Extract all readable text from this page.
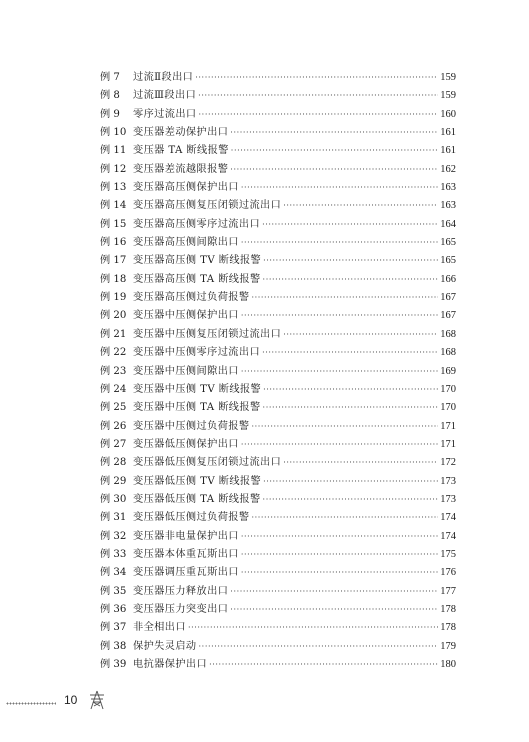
例 7	过流Ⅱ段出口 ·····	159
例 8	过流Ⅲ段出口 ·····	159
例 9	零序过流出口 ·····	160
例 10 变压器差动保护出口 ·····	161
例 11 变压器 TA 断线报警 ·····	161
例 12 变压器差流越限报警 ·····	162
例 13 变压器高压侧保护出口 ·····	163
例 14 变压器高压侧复压闭锁过流出口 ·····	163
例 15 变压器高压侧零序过流出口 ·····	164
例 16 变压器高压侧间隙出口 ·····	165
例 17 变压器高压侧 TV 断线报警 ·····	165
例 18 变压器高压侧 TA 断线报警 ·····	166
例 19 变压器高压侧过负荷报警 ·····	167
例 20 变压器中压侧保护出口 ·····	167
例 21 变压器中压侧复压闭锁过流出口 ·····	168
例 22 变压器中压侧零序过流出口 ·····	168
例 23 变压器中压侧间隙出口 ·····	169
例 24 变压器中压侧 TV 断线报警 ·····	170
例 25 变压器中压侧 TA 断线报警 ·····	170
例 26 变压器中压侧过负荷报警 ·····	171
例 27 变压器低压侧保护出口 ·····	171
例 28 变压器低压侧复压闭锁过流出口 ·····	172
例 29 变压器低压侧 TV 断线报警 ·····	173
例 30 变压器低压侧 TA 断线报警 ·····	173
例 31 变压器低压侧过负荷报警 ·····	174
例 32 变压器非电量保护出口 ·····	174
例 33 变压器本体重瓦斯出口 ·····	175
例 34 变压器调压重瓦斯出口 ·····	176
例 35 变压器压力释放出口 ·····	177
例 36 变压器压力突变出口 ·····	178
例 37 非全相出口 ·····	178
例 38 保护失灵启动 ·····	179
例 39 电抗器保护出口 ·····	180
10
